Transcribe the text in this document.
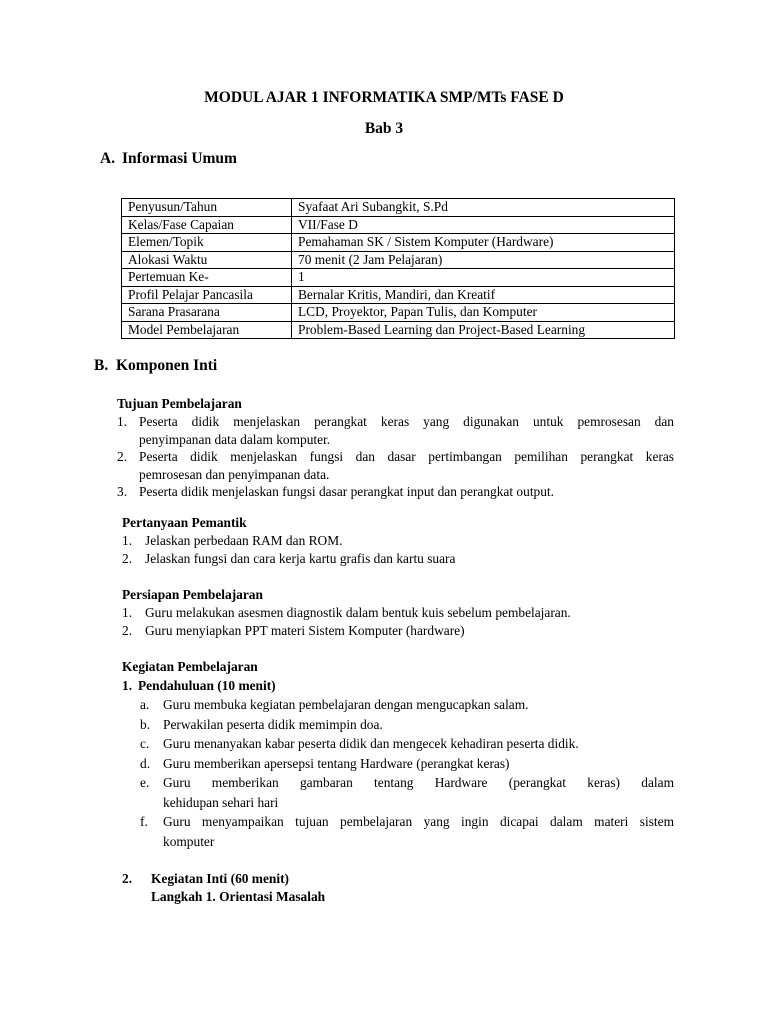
MODUL AJAR 1 INFORMATIKA SMP/MTs FASE D
Bab 3
A. Informasi Umum
Penyusun/Tahun	Syafaat Ari Subangkit, S.Pd
Kelas/Fase Capaian	VII/Fase D
Elemen/Topik	Pemahaman SK / Sistem Komputer (Hardware)
Alokasi Waktu	70 menit (2 Jam Pelajaran)
Pertemuan Ke-	1
Profil Pelajar Pancasila	Bernalar Kritis, Mandiri, dan Kreatif
Sarana Prasarana	LCD, Proyektor, Papan Tulis, dan Komputer
Model Pembelajaran	Problem-Based Learning dan Project-Based Learning
B. Komponen Inti
Tujuan Pembelajaran
1. Peserta didik menjelaskan perangkat keras yang digunakan untuk pemrosesan dan
penyimpanan data dalam komputer.
2. Peserta didik menjelaskan fungsi dan dasar pertimbangan pemilihan perangkat keras
pemrosesan dan penyimpanan data.
3. Peserta didik menjelaskan fungsi dasar perangkat input dan perangkat output.
Pertanyaan Pemantik
1. Jelaskan perbedaan RAM dan ROM.
2. Jelaskan fungsi dan cara kerja kartu grafis dan kartu suara
Persiapan Pembelajaran
1. Guru melakukan asesmen diagnostik dalam bentuk kuis sebelum pembelajaran.
2. Guru menyiapkan PPT materi Sistem Komputer (hardware)
Kegiatan Pembelajaran
1. Pendahuluan (10 menit)
a.	Guru membuka kegiatan pembelajaran dengan mengucapkan salam.
b. Perwakilan peserta didik memimpin doa.
c.	Guru menanyakan kabar peserta didik dan mengecek kehadiran peserta didik.
d. Guru memberikan apersepsi tentang Hardware (perangkat keras)
e.	Guru memberikan gambaran tentang Hardware (perangkat keras) dalam
kehidupan sehari hari
f.	Guru menyampaikan tujuan pembelajaran yang ingin dicapai dalam materi sistem
komputer
2. Kegiatan Inti (60 menit)
Langkah 1. Orientasi Masalah
